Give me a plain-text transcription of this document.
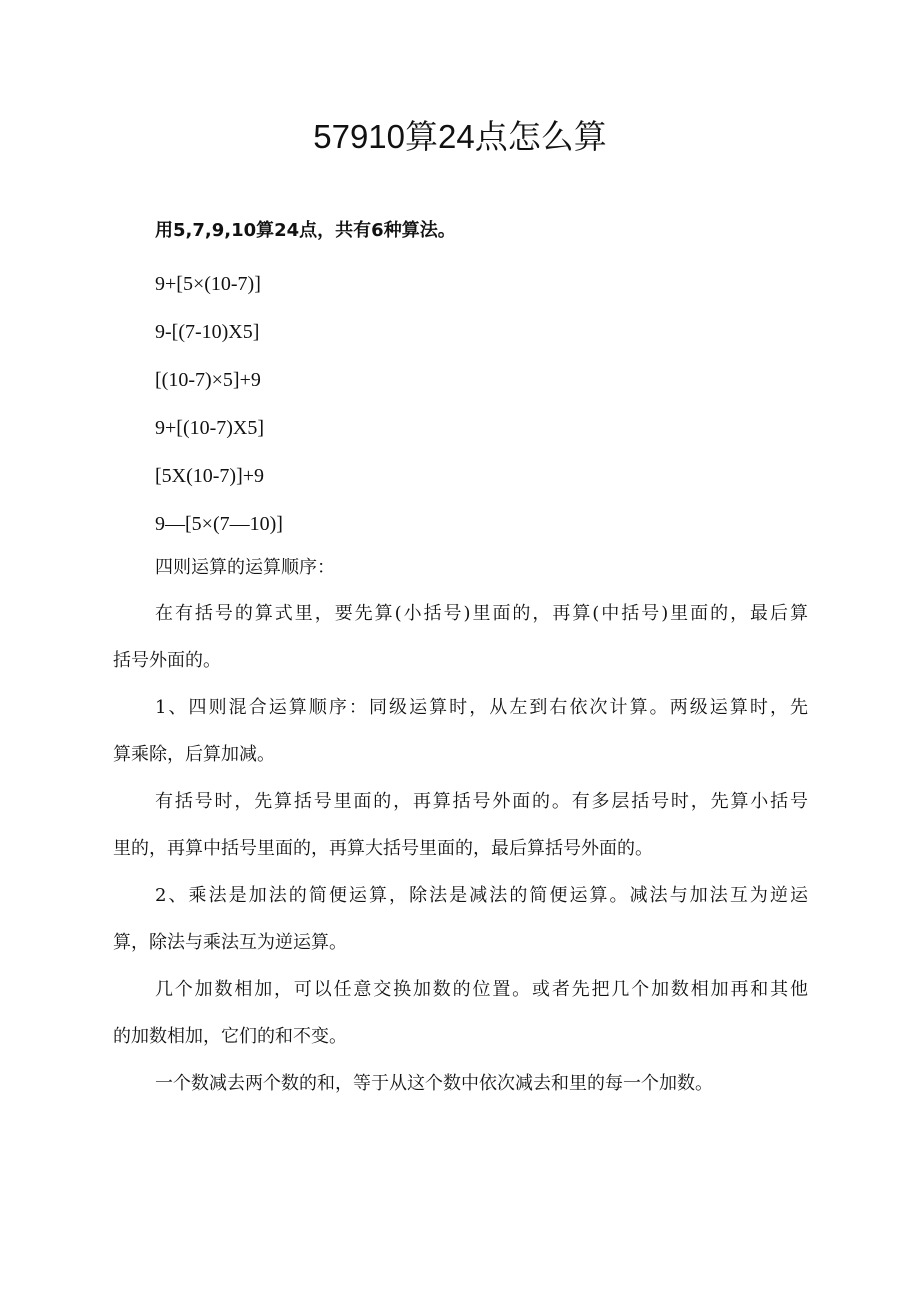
57910算24点怎么算
用5,7,9,10算24点，共有6种算法。
9+[5×(10-7)]
9-[(7-10)X5]
[(10-7)×5]+9
9+[(10-7)X5]
[5X(10-7)]+9
9—[5×(7—10)]
四则运算的运算顺序：
在有括号的算式里，要先算(小括号)里面的，再算(中括号)里面的，最后算
括号外面的。
1、四则混合运算顺序：同级运算时，从左到右依次计算。两级运算时，先
算乘除，后算加减。
有括号时，先算括号里面的，再算括号外面的。有多层括号时，先算小括号
里的，再算中括号里面的，再算大括号里面的，最后算括号外面的。
2、乘法是加法的简便运算，除法是减法的简便运算。减法与加法互为逆运
算，除法与乘法互为逆运算。
几个加数相加，可以任意交换加数的位置。或者先把几个加数相加再和其他
的加数相加，它们的和不变。
一个数减去两个数的和，等于从这个数中依次减去和里的每一个加数。
